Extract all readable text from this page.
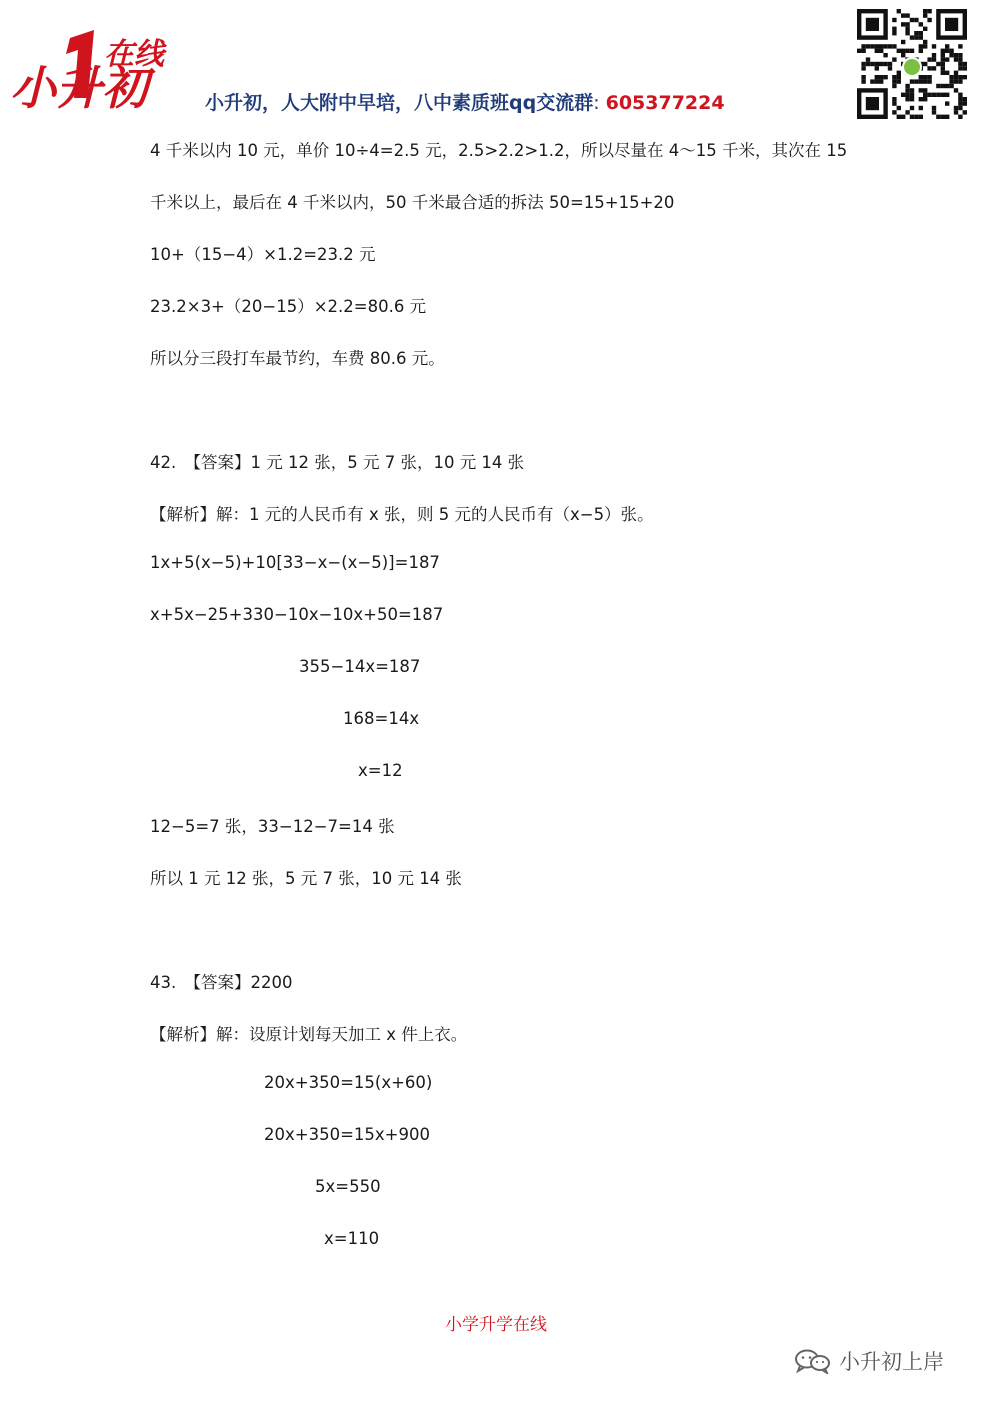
小升初
在线
小升初，人大附中早培，八中素质班qq交流群: 605377224
4 千米以内 10 元，单价 10÷4=2.5 元，2.5>2.2>1.2，所以尽量在 4～15 千米，其次在 15
千米以上，最后在 4 千米以内，50 千米最合适的拆法 50=15+15+20
10+（15−4）×1.2=23.2 元
23.2×3+（20−15）×2.2=80.6 元
所以分三段打车最节约，车费 80.6 元。
42.　【答案】1 元 12 张，5 元 7 张，10 元 14 张
【解析】解：1 元的人民币有 x 张，则 5 元的人民币有（x−5）张。
1x+5(x−5)+10[33−x−(x−5)]=187
x+5x−25+330−10x−10x+50=187
355−14x=187
168=14x
x=12
12−5=7 张，33−12−7=14 张
所以 1 元 12 张，5 元 7 张，10 元 14 张
43.　【答案】2200
【解析】解：设原计划每天加工 x 件上衣。
20x+350=15(x+60)
20x+350=15x+900
5x=550
x=110
小学升学在线
小升初上岸
